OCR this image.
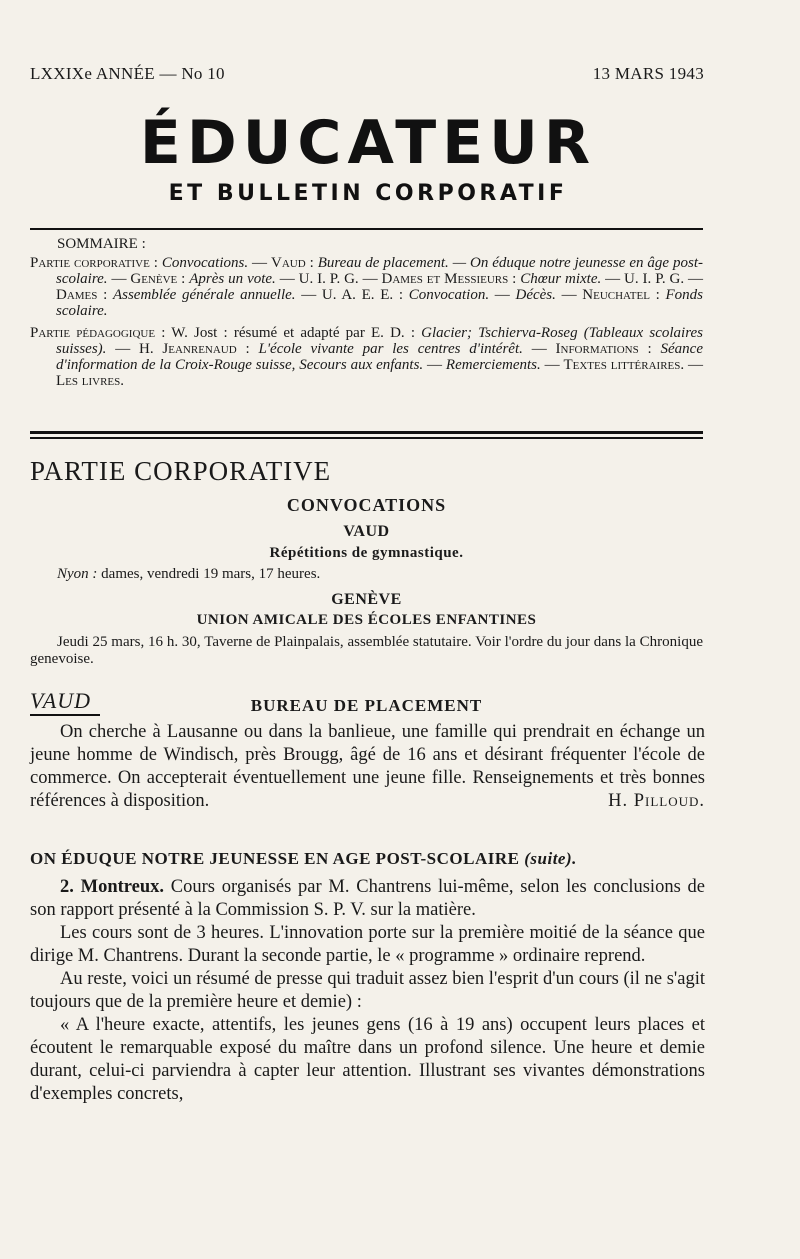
LXXIXe ANNÉE — No 10	13 MARS 1943
ÉDUCATEUR
ET BULLETIN CORPORATIF
SOMMAIRE :
Partie corporative : Convocations. — Vaud : Bureau de placement. — On éduque notre jeunesse en âge post-scolaire. — Genève : Après un vote. — U. I. P. G. — Dames et Messieurs : Chœur mixte. — U. I. P. G. — Dames : Assemblée générale annuelle. — U. A. E. E. : Convocation. — Décès. — Neuchatel : Fonds scolaire.
Partie pédagogique : W. Jost : résumé et adapté par E. D. : Glacier; Tschierva-Roseg (Tableaux scolaires suisses). — H. Jeanrenaud : L'école vivante par les centres d'intérêt. — Informations : Séance d'information de la Croix-Rouge suisse, Secours aux enfants. — Remerciements. — Textes littéraires. — Les livres.
PARTIE CORPORATIVE
CONVOCATIONS
VAUD
Répétitions de gymnastique.
Nyon : dames, vendredi 19 mars, 17 heures.
GENÈVE
UNION AMICALE DES ÉCOLES ENFANTINES
Jeudi 25 mars, 16 h. 30, Taverne de Plainpalais, assemblée statutaire. Voir l'ordre du jour dans la Chronique genevoise.
VAUD	BUREAU DE PLACEMENT

On cherche à Lausanne ou dans la banlieue, une famille qui prendrait en échange un jeune homme de Windisch, près Brougg, âgé de 16 ans et désirant fréquenter l'école de commerce. On accepterait éventuellement une jeune fille. Renseignements et très bonnes références à disposition.	H. Pilloud.

ON ÉDUQUE NOTRE JEUNESSE EN AGE POST-SCOLAIRE (suite).

2. Montreux. Cours organisés par M. Chantrens lui-même, selon les conclusions de son rapport présenté à la Commission S. P. V. sur la matière.

Les cours sont de 3 heures. L'innovation porte sur la première moitié de la séance que dirige M. Chantrens. Durant la seconde partie, le « programme » ordinaire reprend.

Au reste, voici un résumé de presse qui traduit assez bien l'esprit d'un cours (il ne s'agit toujours que de la première heure et demie) :

« A l'heure exacte, attentifs, les jeunes gens (16 à 19 ans) occupent leurs places et écoutent le remarquable exposé du maître dans un profond silence. Une heure et demie durant, celui-ci parviendra à capter leur attention. Illustrant ses vivantes démonstrations d'exemples concrets,
